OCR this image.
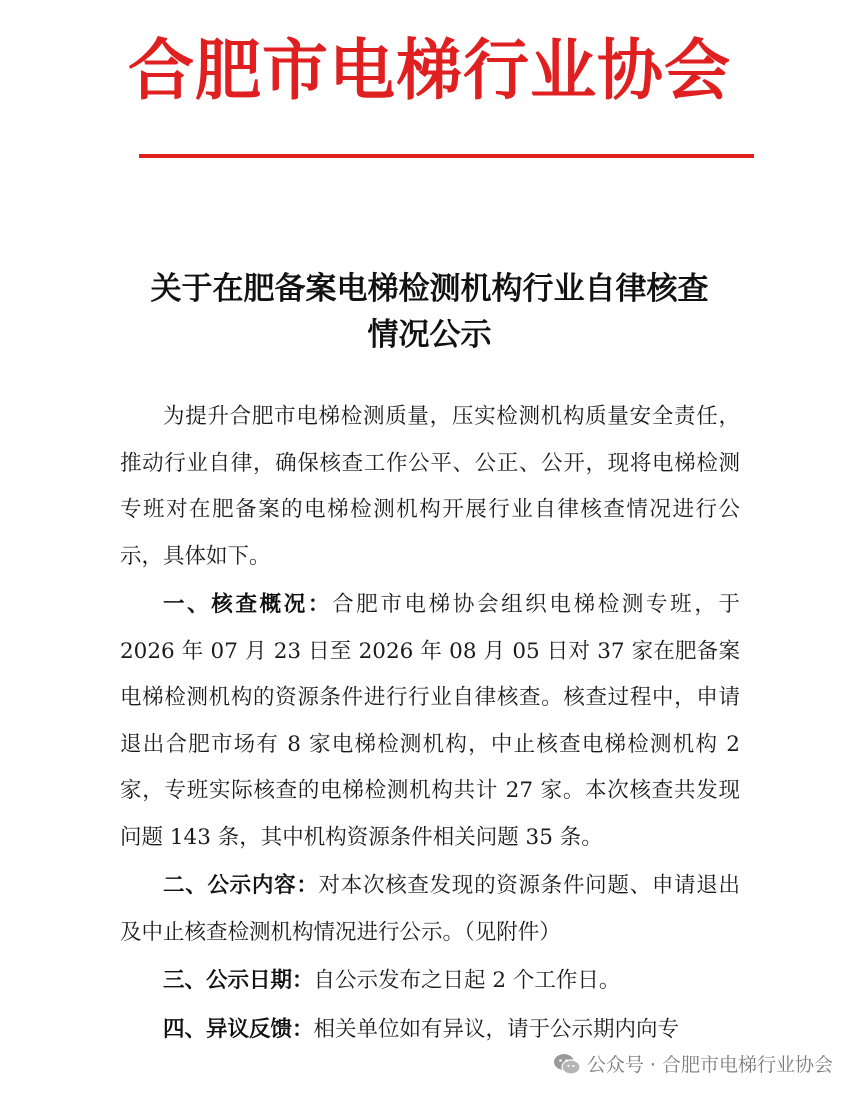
合肥市电梯行业协会
关于在肥备案电梯检测机构行业自律核查
情况公示

为提升合肥市电梯检测质量，压实检测机构质量安全责任，推动行业自律，确保核查工作公平、公正、公开，现将电梯检测专班对在肥备案的电梯检测机构开展行业自律核查情况进行公示，具体如下。

一、核查概况：合肥市电梯协会组织电梯检测专班，于 2026 年 07 月 23 日至 2026 年 08 月 05 日对 37 家在肥备案电梯检测机构的资源条件进行行业自律核查。核查过程中，申请退出合肥市场有 8 家电梯检测机构，中止核查电梯检测机构 2 家，专班实际核查的电梯检测机构共计 27 家。本次核查共发现问题 143 条，其中机构资源条件相关问题 35 条。

二、公示内容：对本次核查发现的资源条件问题、申请退出及中止核查检测机构情况进行公示。（见附件）

三、公示日期：自公示发布之日起 2 个工作日。

四、异议反馈：相关单位如有异议，请于公示期内向专

公众号 · 合肥市电梯行业协会
